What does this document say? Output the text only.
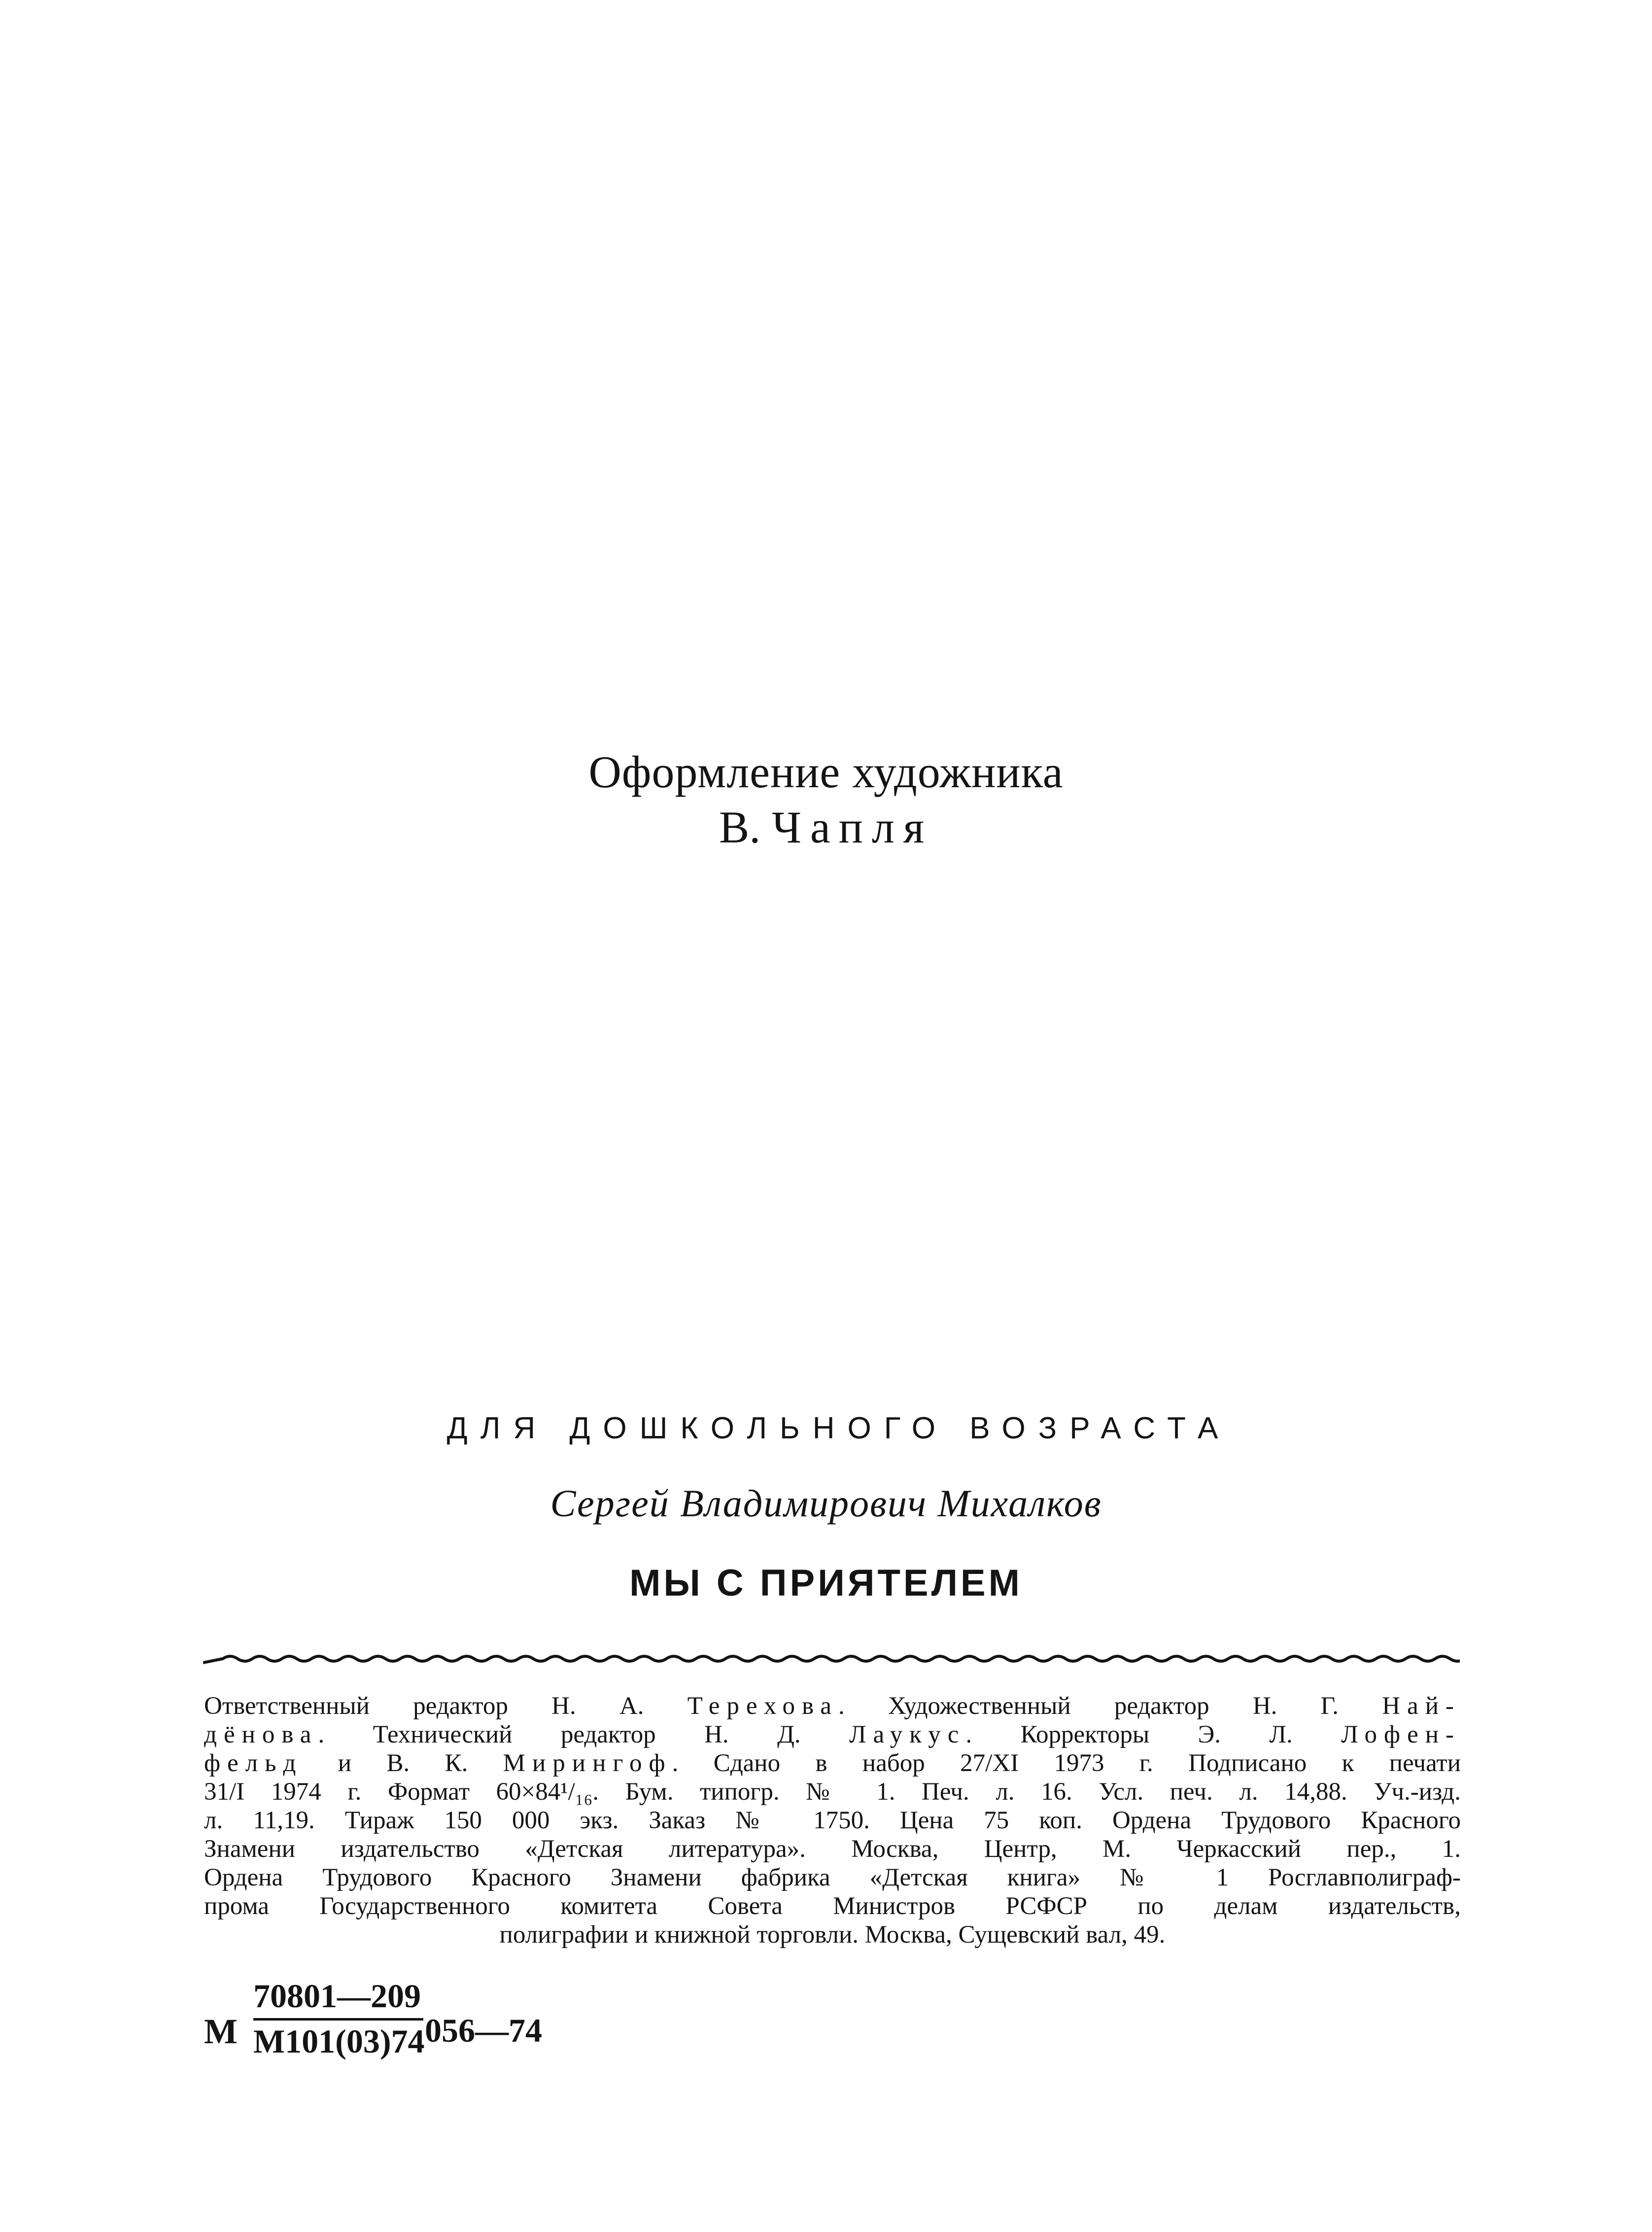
Оформление художника
В. Чапля
ДЛЯ ДОШКОЛЬНОГО ВОЗРАСТА
Сергей Владимирович Михалков
МЫ С ПРИЯТЕЛЕМ
Ответственный редактор Н. А. Терехова. Художественный редактор Н. Г. Най-
дёнова. Технический редактор Н. Д. Лаукус. Корректоры Э. Л. Лофен-
фельд и В. К. Мирингоф. Сдано в набор 27/XI 1973 г. Подписано к печати
31/I 1974 г. Формат 60×84¹/₁₆. Бум. типогр. № 1. Печ. л. 16. Усл. печ. л. 14,88. Уч.-изд.
л. 11,19. Тираж 150 000 экз. Заказ № 1750. Цена 75 коп. Ордена Трудового Красного
Знамени издательство «Детская литература». Москва, Центр, М. Черкасский пер., 1.
Ордена Трудового Красного Знамени фабрика «Детская книга» № 1 Росглавполиграф-
прома Государственного комитета Совета Министров РСФСР по делам издательств,
полиграфии и книжной торговли. Москва, Сущевский вал, 49.
М
70801—209
М101(03)74 056—74
